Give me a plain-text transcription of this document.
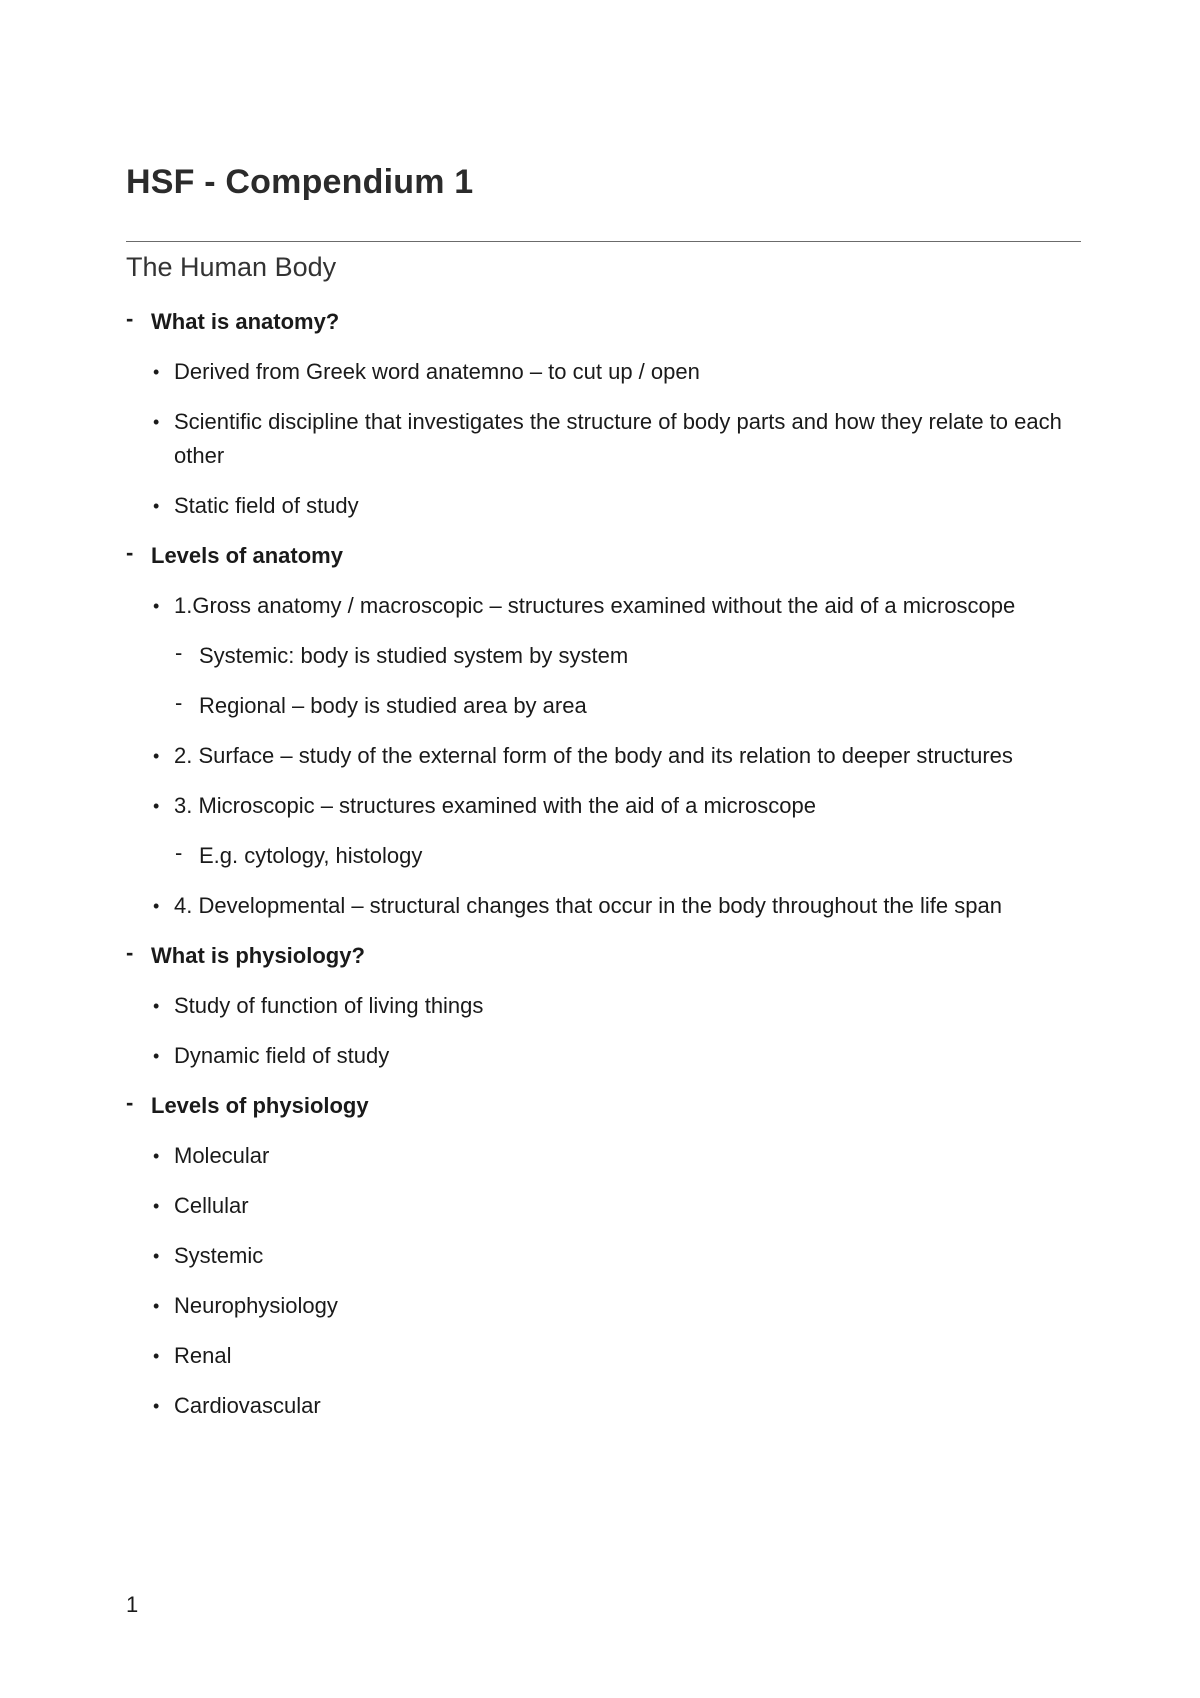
HSF - Compendium 1
The Human Body
- What is anatomy?
• Derived from Greek word anatemno – to cut up / open
• Scientific discipline that investigates the structure of body parts and how they relate to each other
• Static field of study
- Levels of anatomy
• 1.Gross anatomy / macroscopic – structures examined without the aid of a microscope
- Systemic: body is studied system by system
- Regional – body is studied area by area
• 2. Surface – study of the external form of the body and its relation to deeper structures
• 3. Microscopic – structures examined with the aid of a microscope
- E.g. cytology, histology
• 4. Developmental – structural changes that occur in the body throughout the life span
- What is physiology?
• Study of function of living things
• Dynamic field of study
- Levels of physiology
• Molecular
• Cellular
• Systemic
• Neurophysiology
• Renal
• Cardiovascular
1
